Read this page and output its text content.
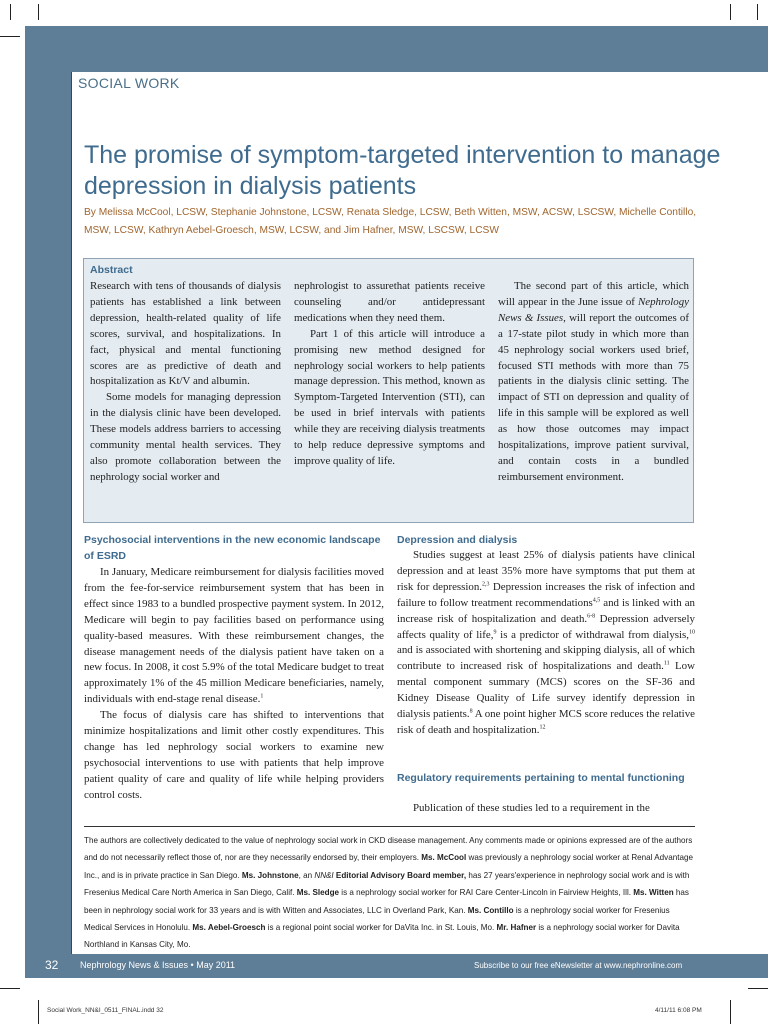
SOCIAL WORK
The promise of symptom-targeted intervention to manage depression in dialysis patients
By Melissa McCool, LCSW, Stephanie Johnstone, LCSW, Renata Sledge, LCSW, Beth Witten, MSW, ACSW, LSCSW, Michelle Contillo, MSW, LCSW, Kathryn Aebel-Groesch, MSW, LCSW, and Jim Hafner, MSW, LSCSW, LCSW
Abstract

Research with tens of thousands of dialysis patients has established a link between depression, health-related quality of life scores, survival, and hospitalizations. In fact, physical and mental functioning scores are as predictive of death and hospitalization as Kt/V and albumin.

Some models for managing depression in the dialysis clinic have been developed. These models address barriers to accessing community mental health services. They also promote collaboration between the nephrology social worker and

nephrologist to assurethat patients receive counseling and/or antidepressant medications when they need them.

Part 1 of this article will introduce a promising new method designed for nephrology social workers to help patients manage depression. This method, known as Symptom-Targeted Intervention (STI), can be used in brief intervals with patients while they are receiving dialysis treatments to help reduce depressive symptoms and improve quality of life.

The second part of this article, which will appear in the June issue of Nephrology News & Issues, will report the outcomes of a 17-state pilot study in which more than 45 nephrology social workers used brief, focused STI methods with more than 75 patients in the dialysis clinic setting. The impact of STI on depression and quality of life in this sample will be explored as well as how those outcomes may impact hospitalizations, improve patient survival, and contain costs in a bundled reimbursement environment.

Psychosocial interventions in the new economic landscape of ESRD

In January, Medicare reimbursement for dialysis facilities moved from the fee-for-service reimbursement system that has been in effect since 1983 to a bundled prospective payment system. In 2012, Medicare will begin to pay facilities based on performance using quality-based measures. With these reimbursement changes, the disease management needs of the dialysis patient have taken on a new focus. In 2008, it cost 5.9% of the total Medicare budget to treat approximately 1% of the 45 million Medicare beneficiaries, namely, individuals with end-stage renal disease.$^1$

The focus of dialysis care has shifted to interventions that minimize hospitalizations and limit other costly expenditures. This change has led nephrology social workers to examine new psychosocial interventions to use with patients that help improve patient quality of care and quality of life while helping providers control costs.

Depression and dialysis

Studies suggest at least 25% of dialysis patients have clinical depression and at least 35% more have symptoms that put them at risk for depression.$^{2,3}$ Depression increases the risk of infection and failure to follow treatment recommendations$^{4,5}$ and is linked with an increase risk of hospitalization and death.$^{6-8}$ Depression adversely affects quality of life,$^9$ is a predictor of withdrawal from dialysis,$^{10}$ and is associated with shortening and skipping dialysis, all of which contribute to increased risk of hospitalizations and death.$^{11}$ Low mental component summary (MCS) scores on the SF-36 and Kidney Disease Quality of Life survey identify depression in dialysis patients.$^8$ A one point higher MCS score reduces the relative risk of death and hospitalization.$^{12}$

Regulatory requirements pertaining to mental functioning

Publication of these studies led to a requirement in the

The authors are collectively dedicated to the value of nephrology social work in CKD disease management. Any comments made or opinions expressed are of the authors and do not necessarily reflect those of, nor are they necessarily endorsed by, their employers. Ms. McCool was previously a nephrology social worker at Renal Advantage Inc., and is in private practice in San Diego. Ms. Johnstone, an NN&I Editorial Advisory Board member, has 27 years'experience in nephrology social work and is with Fresenius Medical Care North America in San Diego, Calif. Ms. Sledge is a nephrology social worker for RAI Care Center-Lincoln in Fairview Heights, Ill. Ms. Witten has been in nephrology social work for 33 years and is with Witten and Associates, LLC in Overland Park, Kan. Ms. Contillo is a nephrology social worker for Fresenius Medical Services in Honolulu. Ms. Aebel-Groesch is a regional point social worker for DaVita Inc. in St. Louis, Mo. Mr. Hafner is a nephrology social worker for Davita Northland in Kansas City, Mo.
32 Nephrology News & Issues • May 2011	Subscribe to our free eNewsletter at www.nephronline.com
Social Work_NN&I_0511_FINAL.indd 32	4/11/11 6:08 PM
